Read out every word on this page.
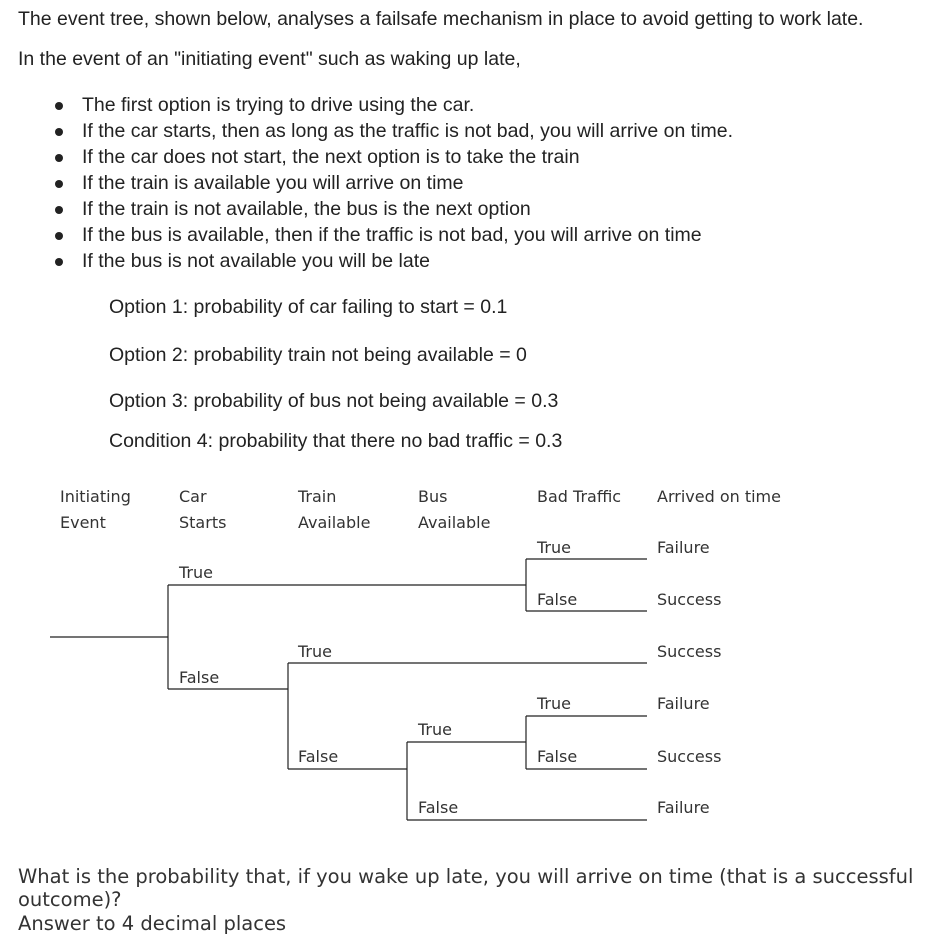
The event tree, shown below, analyses a failsafe mechanism in place to avoid getting to work late.

In the event of an "initiating event" such as waking up late,

The first option is trying to drive using the car.
If the car starts, then as long as the traffic is not bad, you will arrive on time.
If the car does not start, the next option is to take the train
If the train is available you will arrive on time
If the train is not available, the bus is the next option
If the bus is available, then if the traffic is not bad, you will arrive on time
If the bus is not available you will be late
Option 1: probability of car failing to start = 0.1
Option 2: probability train not being available = 0
Option 3: probability of bus not being available = 0.3
Condition 4: probability that there no bad traffic = 0.3
Initiating
Event
Car
Starts
Train
Available
Bus
Available
Bad Traffic Arrived on time
True
True
False
False
True
False
True
False
True
False
Failure
Success
Success
Failure
Success
Failure
What is the probability that, if you wake up late, you will arrive on time (that is a successful outcome)?
Answer to 4 decimal places
